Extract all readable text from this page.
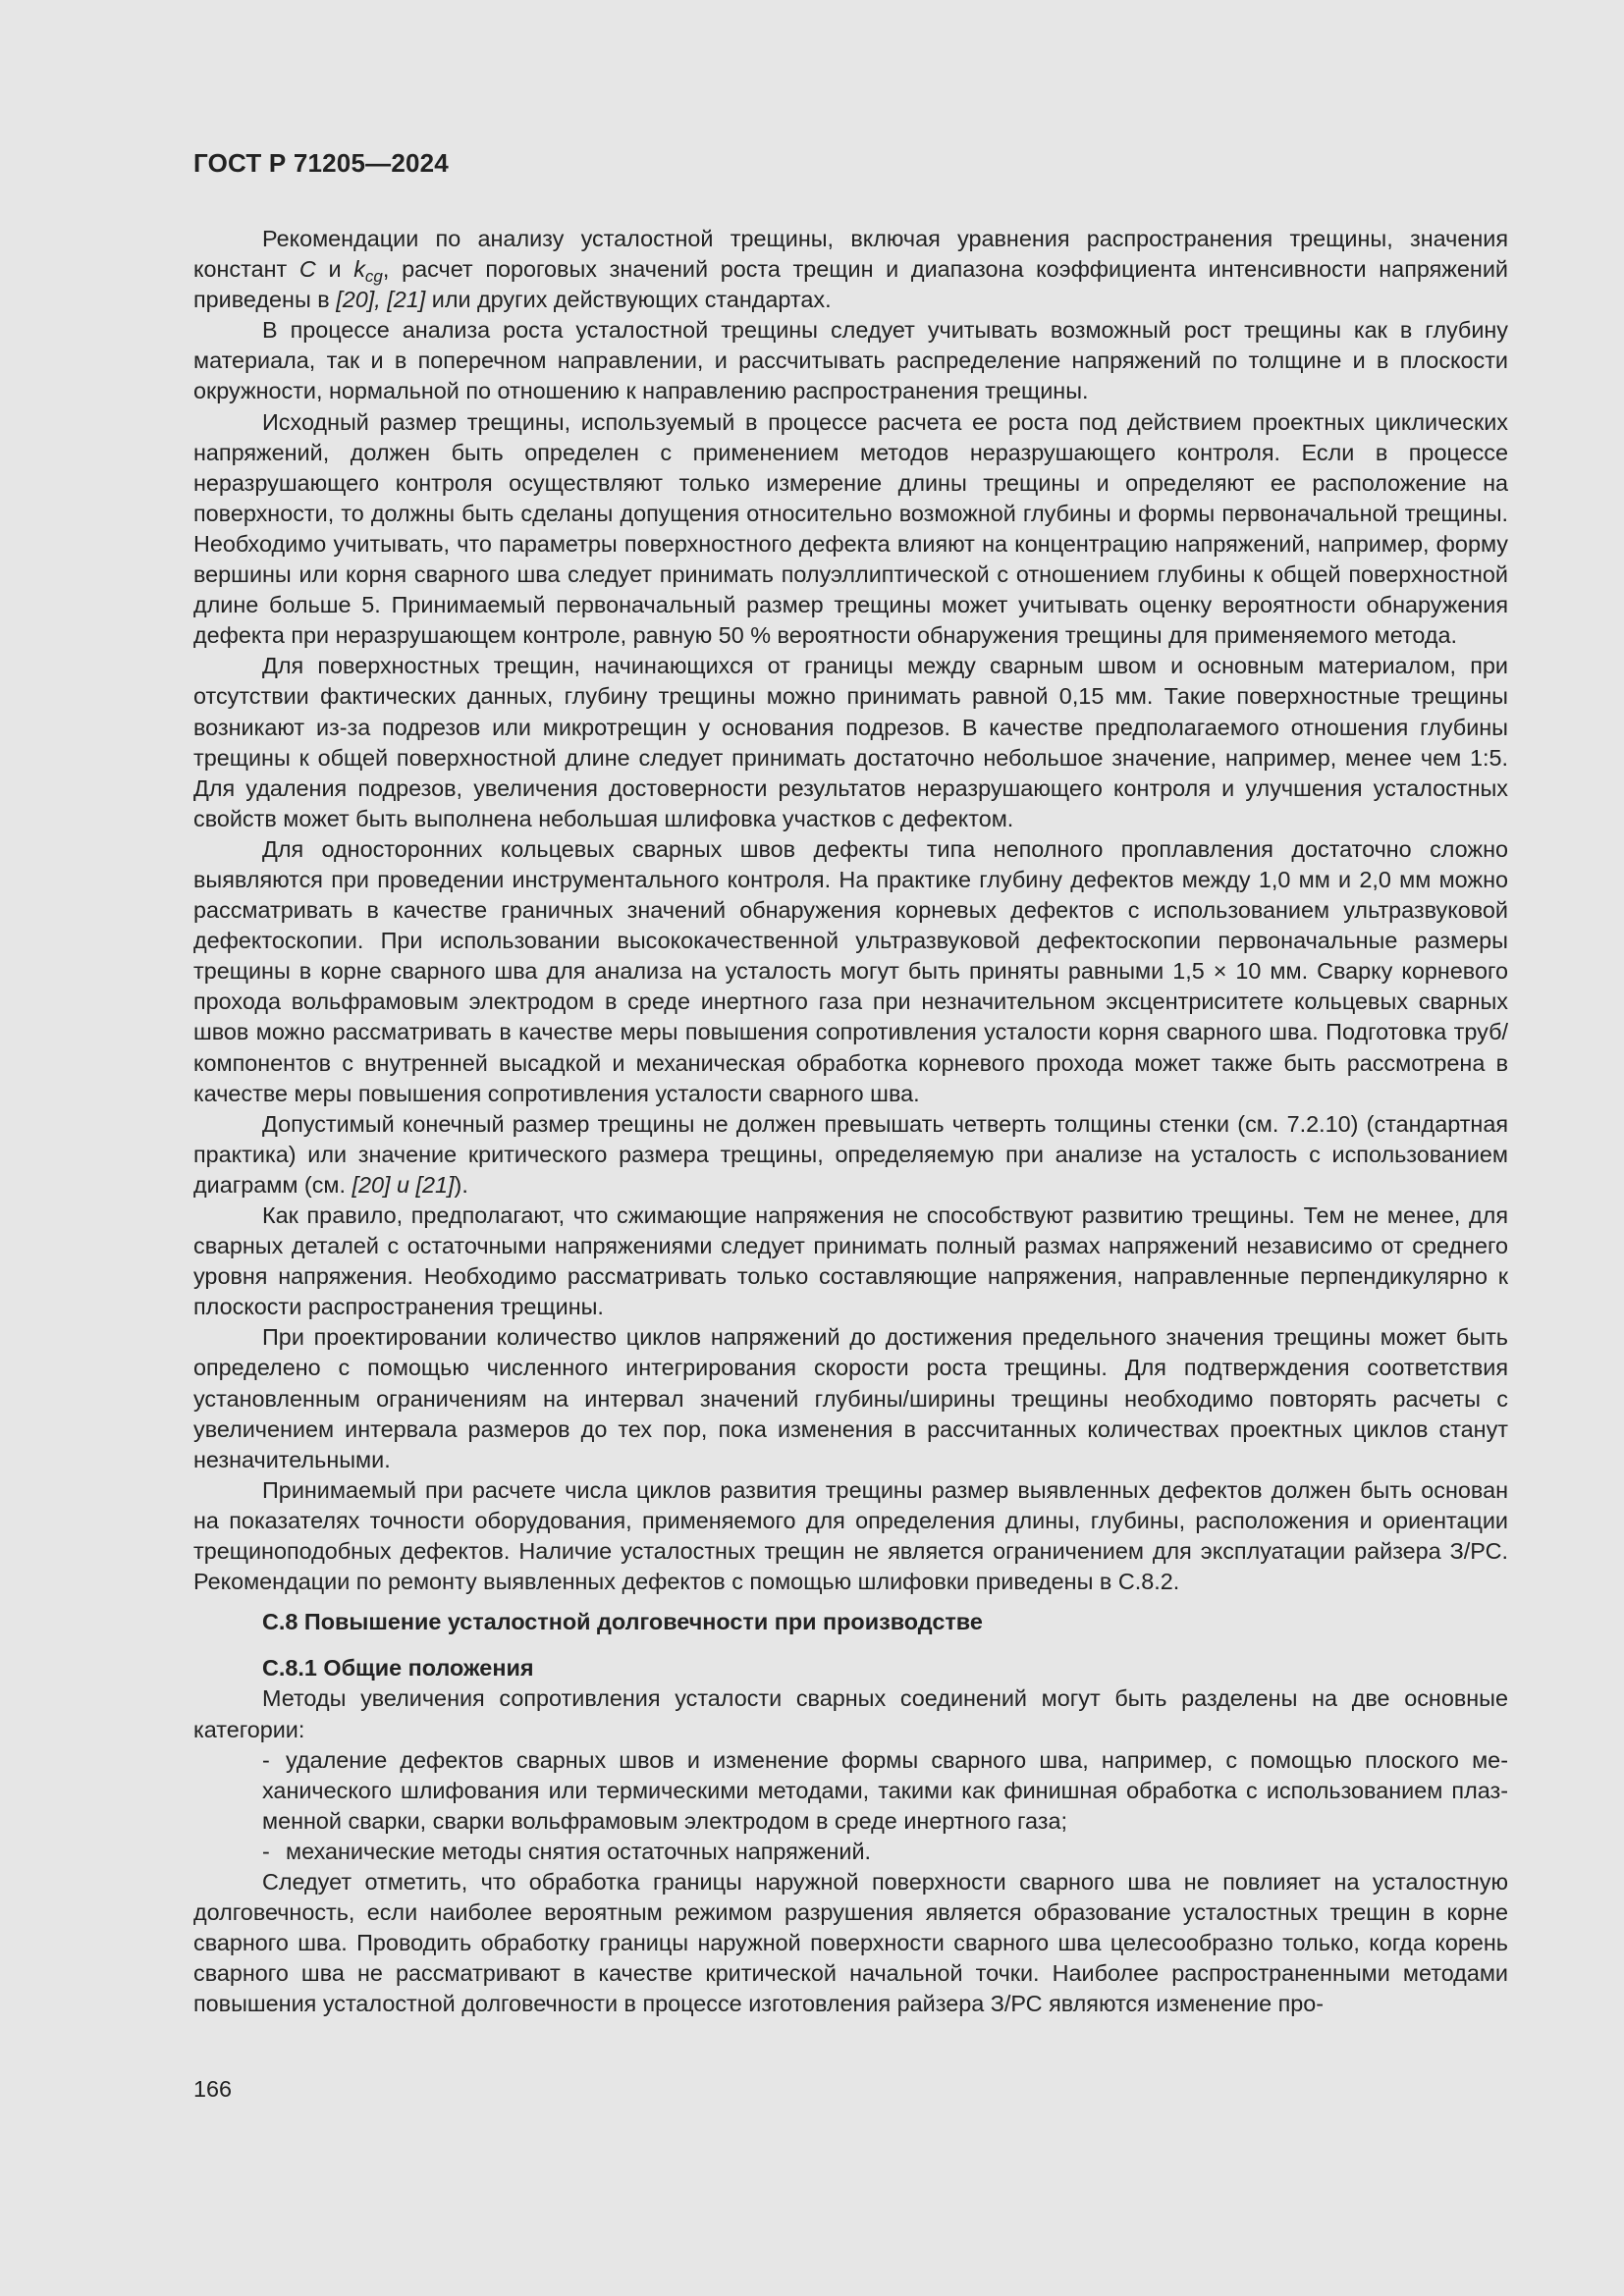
ГОСТ Р 71205—2024

Рекомендации по анализу усталостной трещины, включая уравнения распространения трещины, значения констант C и $k_{cg}$, расчет пороговых значений роста трещин и диапазона коэффициента интенсивности напряжений приведены в [20], [21] или других действующих стандартах.

В процессе анализа роста усталостной трещины следует учитывать возможный рост трещины как в глубину материала, так и в поперечном направлении, и рассчитывать распределение напряжений по толщине и в плоскости окружности, нормальной по отношению к направлению распространения трещины.

Исходный размер трещины, используемый в процессе расчета ее роста под действием проектных циклических напряжений, должен быть определен с применением методов неразрушающего контроля. Если в процессе неразрушающего контроля осуществляют только измерение длины трещины и определяют ее расположение на поверхности, то должны быть сделаны допущения относительно возможной глубины и формы первоначальной трещины. Необходимо учитывать, что параметры поверхностного дефекта влияют на концентрацию напряжений, например, форму вершины или корня сварного шва следует принимать полуэллиптической с отношением глубины к общей поверхностной длине больше 5. Принимаемый первоначальный размер трещины может учитывать оценку вероятности обнаружения дефекта при неразрушающем контроле, равную 50 % вероятности обнаружения трещины для применяемого метода.

Для поверхностных трещин, начинающихся от границы между сварным швом и основным материалом, при отсутствии фактических данных, глубину трещины можно принимать равной 0,15 мм. Такие поверхностные трещины возникают из-за подрезов или микротрещин у основания подрезов. В качестве предполагаемого отношения глубины трещины к общей поверхностной длине следует принимать достаточно небольшое значение, например, менее чем 1:5. Для удаления подрезов, увеличения достоверности результатов неразрушающего контроля и улучшения усталостных свойств может быть выполнена небольшая шлифовка участков с дефектом.

Для односторонних кольцевых сварных швов дефекты типа неполного проплавления достаточно сложно выявляются при проведении инструментального контроля. На практике глубину дефектов между 1,0 мм и 2,0 мм можно рассматривать в качестве граничных значений обнаружения корневых дефектов с использованием ультразвуковой дефектоскопии. При использовании высококачественной ультразвуковой дефектоскопии первоначальные размеры трещины в корне сварного шва для анализа на усталость могут быть приняты равными 1,5 × 10 мм. Сварку корневого прохода вольфрамовым электродом в среде инертного газа при незначительном эксцентриситете кольцевых сварных швов можно рассматривать в качестве меры повышения сопротивления усталости корня сварного шва. Подготовка труб/компонентов с внутренней высадкой и механическая обработка корневого прохода может также быть рассмотрена в качестве меры повышения сопротивления усталости сварного шва.

Допустимый конечный размер трещины не должен превышать четверть толщины стенки (см. 7.2.10) (стандартная практика) или значение критического размера трещины, определяемую при анализе на усталость с использованием диаграмм (см. [20] и [21]).

Как правило, предполагают, что сжимающие напряжения не способствуют развитию трещины. Тем не менее, для сварных деталей с остаточными напряжениями следует принимать полный размах напряжений независимо от среднего уровня напряжения. Необходимо рассматривать только составляющие напряжения, направленные перпендикулярно к плоскости распространения трещины.

При проектировании количество циклов напряжений до достижения предельного значения трещины может быть определено с помощью численного интегрирования скорости роста трещины. Для подтверждения соответствия установленным ограничениям на интервал значений глубины/ширины трещины необходимо повторять расчеты с увеличением интервала размеров до тех пор, пока изменения в рассчитанных количествах проектных циклов станут незначительными.

Принимаемый при расчете числа циклов развития трещины размер выявленных дефектов должен быть основан на показателях точности оборудования, применяемого для определения длины, глубины, расположения и ориентации трещиноподобных дефектов. Наличие усталостных трещин не является ограничением для эксплуатации райзера З/РС. Рекомендации по ремонту выявленных дефектов с помощью шлифовки приведены в С.8.2.

С.8 Повышение усталостной долговечности при производстве
С.8.1 Общие положения

Методы увеличения сопротивления усталости сварных соединений могут быть разделены на две основные категории:

- удаление дефектов сварных швов и изменение формы сварного шва, например, с помощью плоского механического шлифования или термическими методами, такими как финишная обработка с использованием плазменной сварки, сварки вольфрамовым электродом в среде инертного газа;

- механические методы снятия остаточных напряжений.

Следует отметить, что обработка границы наружной поверхности сварного шва не повлияет на усталостную долговечность, если наиболее вероятным режимом разрушения является образование усталостных трещин в корне сварного шва. Проводить обработку границы наружной поверхности сварного шва целесообразно только, когда корень сварного шва не рассматривают в качестве критической начальной точки. Наиболее распространенными методами повышения усталостной долговечности в процессе изготовления райзера З/РС являются изменение про-

166
